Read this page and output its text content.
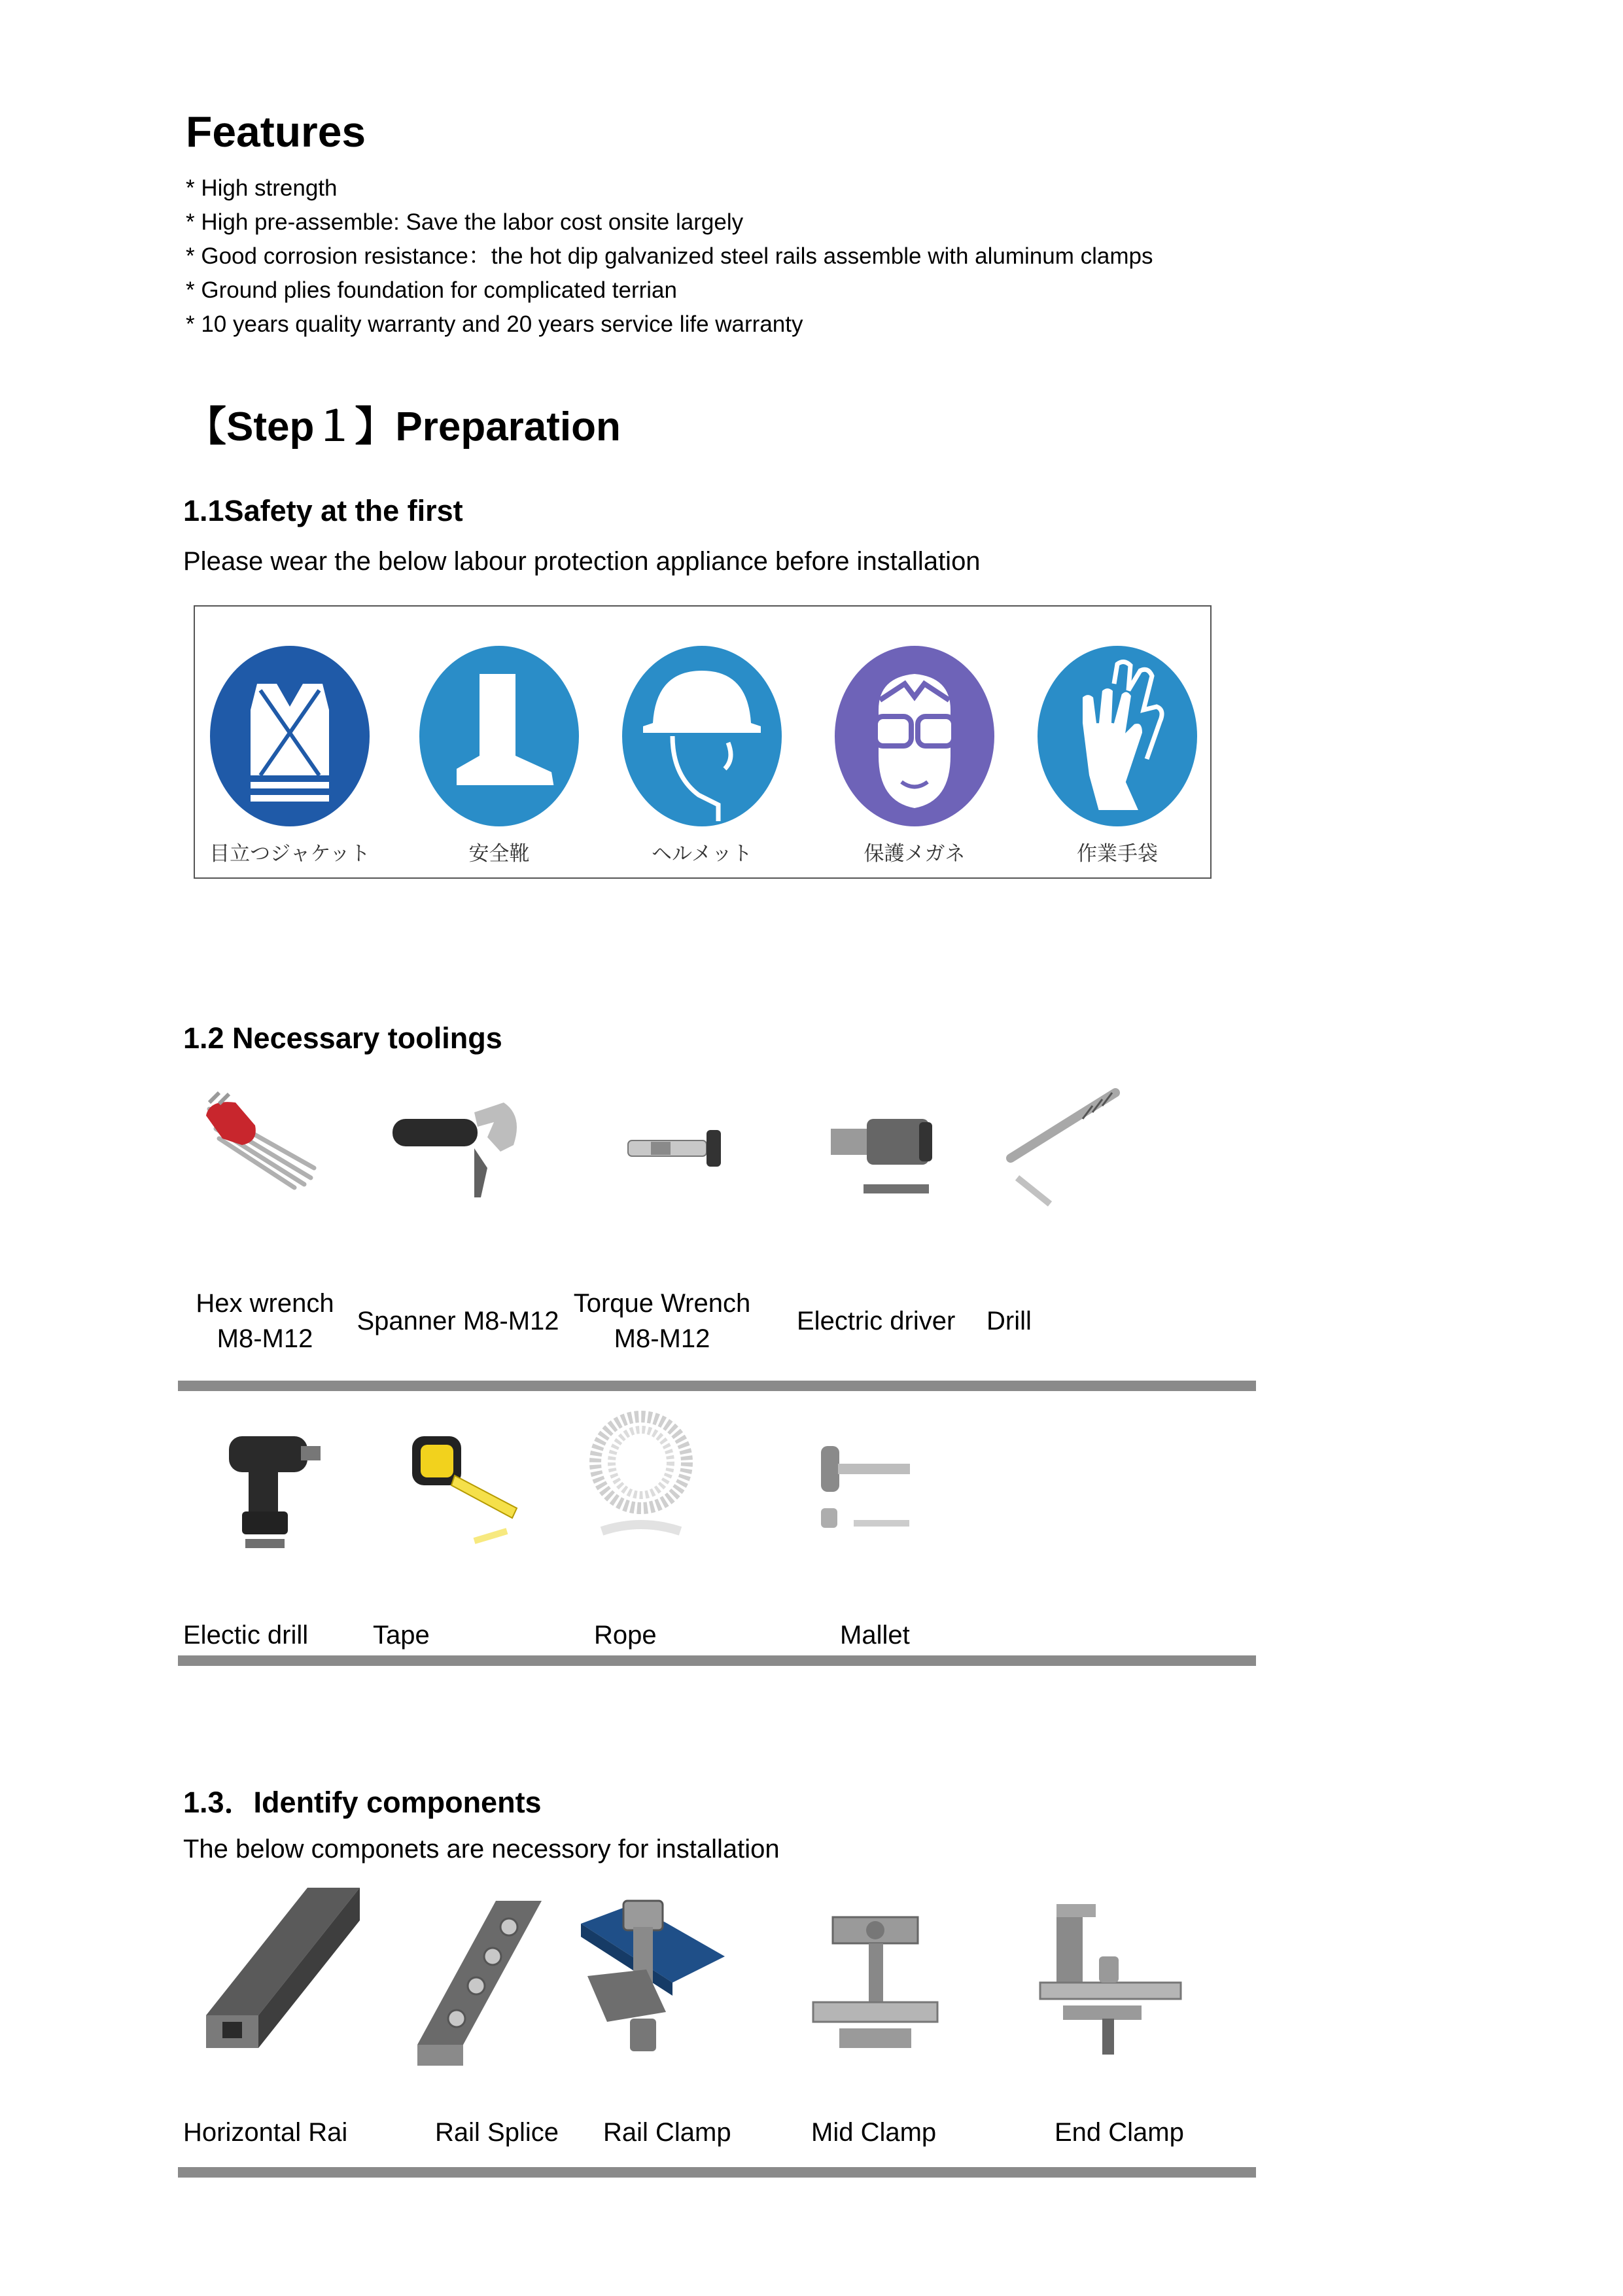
Features
* High strength
* High pre-assemble: Save the labor cost onsite largely
* Good corrosion resistance：the hot dip galvanized steel rails assemble with aluminum clamps
* Ground plies foundation for complicated terrian
* 10 years quality warranty and 20 years service life warranty
【Step１】Preparation
1.1Safety at the first

Please wear the below labour protection appliance before installation

目立つジャケット	安全靴	ヘルメット	保護メガネ	作業手袋
1.2 Necessary toolings
Hex wrench
M8-M12
Spanner M8-M12
Torque Wrench
M8-M12
Electric driver	Drill
Electic drill	Tape	Rope	Mallet
1.3．Identify components

The below componets are necessory for installation

Horizontal Rai	Rail Splice	Rail Clamp	Mid Clamp	End Clamp
